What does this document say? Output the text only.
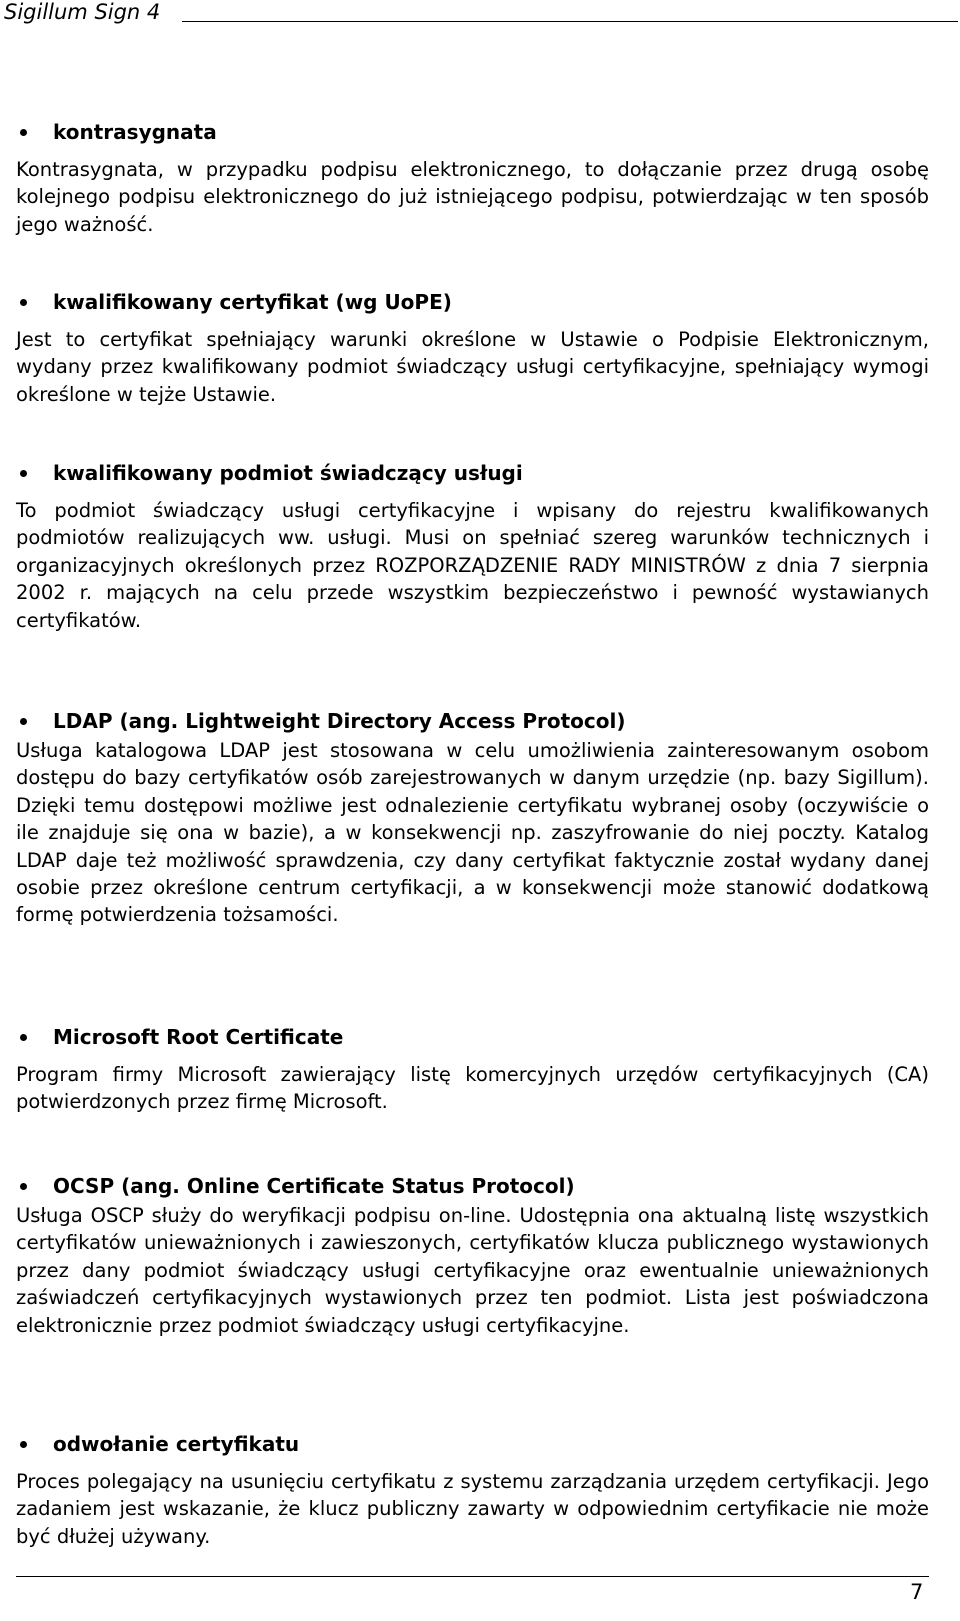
Sigillum Sign 4
kontrasygnata

Kontrasygnata, w przypadku podpisu elektronicznego, to dołączanie przez drugą osobę kolejnego podpisu elektronicznego do już istniejącego podpisu, potwierdzając w ten sposób jego ważność.

kwalifikowany certyfikat (wg UoPE)

Jest to certyfikat spełniający warunki określone w Ustawie o Podpisie Elektronicznym, wydany przez kwalifikowany podmiot świadczący usługi certyfikacyjne, spełniający wymogi określone w tejże Ustawie.

kwalifikowany podmiot świadczący usługi

To podmiot świadczący usługi certyfikacyjne i wpisany do rejestru kwalifikowanych podmiotów realizujących ww. usługi. Musi on spełniać szereg warunków technicznych i organizacyjnych określonych przez ROZPORZĄDZENIE RADY MINISTRÓW z dnia 7 sierpnia 2002 r. mających na celu przede wszystkim bezpieczeństwo i pewność wystawianych certyfikatów.

LDAP (ang. Lightweight Directory Access Protocol)

Usługa katalogowa LDAP jest stosowana w celu umożliwienia zainteresowanym osobom dostępu do bazy certyfikatów osób zarejestrowanych w danym urzędzie (np. bazy Sigillum). Dzięki temu dostępowi możliwe jest odnalezienie certyfikatu wybranej osoby (oczywiście o ile znajduje się ona w bazie), a w konsekwencji np. zaszyfrowanie do niej poczty. Katalog LDAP daje też możliwość sprawdzenia, czy dany certyfikat faktycznie został wydany danej osobie przez określone centrum certyfikacji, a w konsekwencji może stanowić dodatkową formę potwierdzenia tożsamości.

Microsoft Root Certificate

Program firmy Microsoft zawierający listę komercyjnych urzędów certyfikacyjnych (CA) potwierdzonych przez firmę Microsoft.

OCSP (ang. Online Certificate Status Protocol)

Usługa OSCP służy do weryfikacji podpisu on-line. Udostępnia ona aktualną listę wszystkich certyfikatów unieważnionych i zawieszonych, certyfikatów klucza publicznego wystawionych przez dany podmiot świadczący usługi certyfikacyjne oraz ewentualnie unieważnionych zaświadczeń certyfikacyjnych wystawionych przez ten podmiot. Lista jest poświadczona elektronicznie przez podmiot świadczący usługi certyfikacyjne.

odwołanie certyfikatu

Proces polegający na usunięciu certyfikatu z systemu zarządzania urzędem certyfikacji. Jego zadaniem jest wskazanie, że klucz publiczny zawarty w odpowiednim certyfikacie nie może być dłużej używany.

7
